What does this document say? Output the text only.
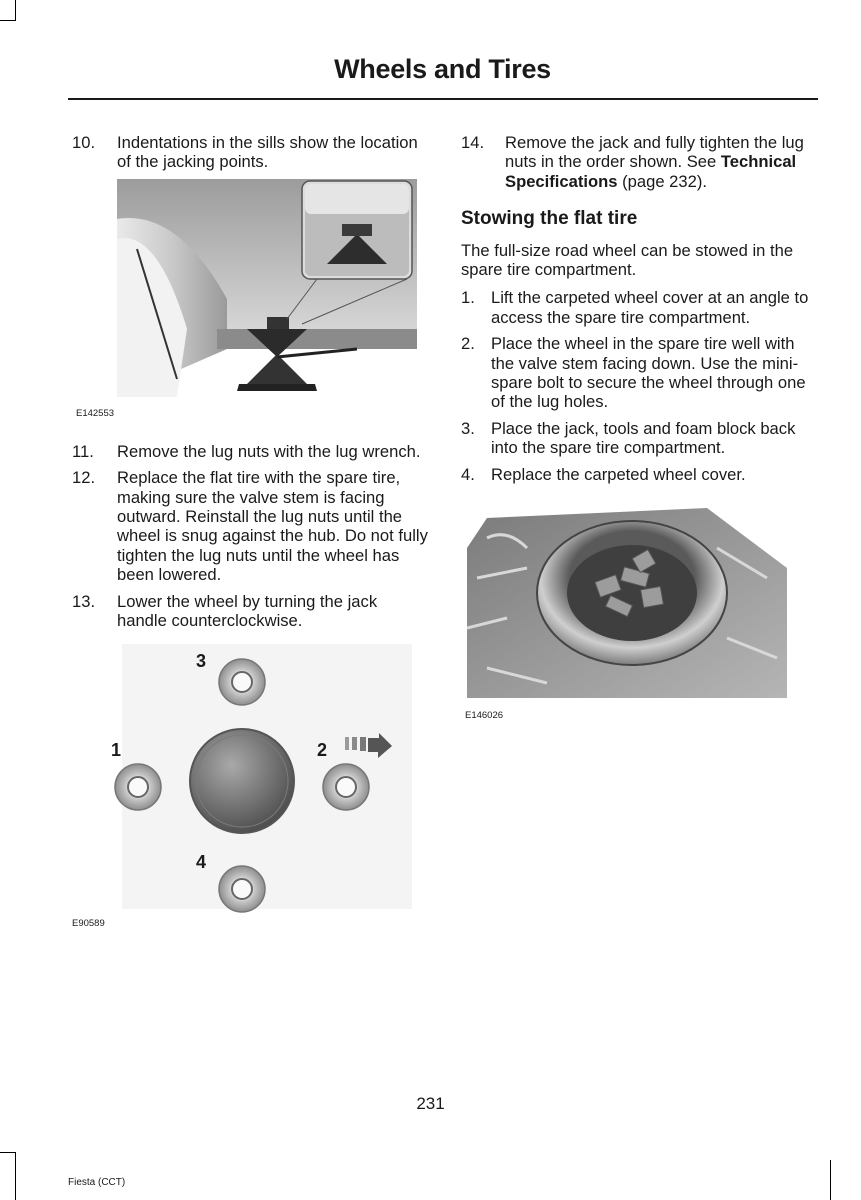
Wheels and Tires
10.	Indentations in the sills show the location of the jacking points.
E142553
11.	Remove the lug nuts with the lug wrench.
12.	Replace the flat tire with the spare tire, making sure the valve stem is facing outward. Reinstall the lug nuts until the wheel is snug against the hub. Do not fully tighten the lug nuts until the wheel has been lowered.
13.	Lower the wheel by turning the jack handle counterclockwise.
3
1	2
4
E90589
14.	Remove the jack and fully tighten the lug nuts in the order shown. See Technical Specifications (page 232).
Stowing the flat tire
The full-size road wheel can be stowed in the spare tire compartment.
1. Lift the carpeted wheel cover at an angle to access the spare tire compartment.
2. Place the wheel in the spare tire well with the valve stem facing down. Use the mini-spare bolt to secure the wheel through one of the lug holes.
3. Place the jack, tools and foam block back into the spare tire compartment.
4. Replace the carpeted wheel cover.
E146026
231
Fiesta (CCT)
